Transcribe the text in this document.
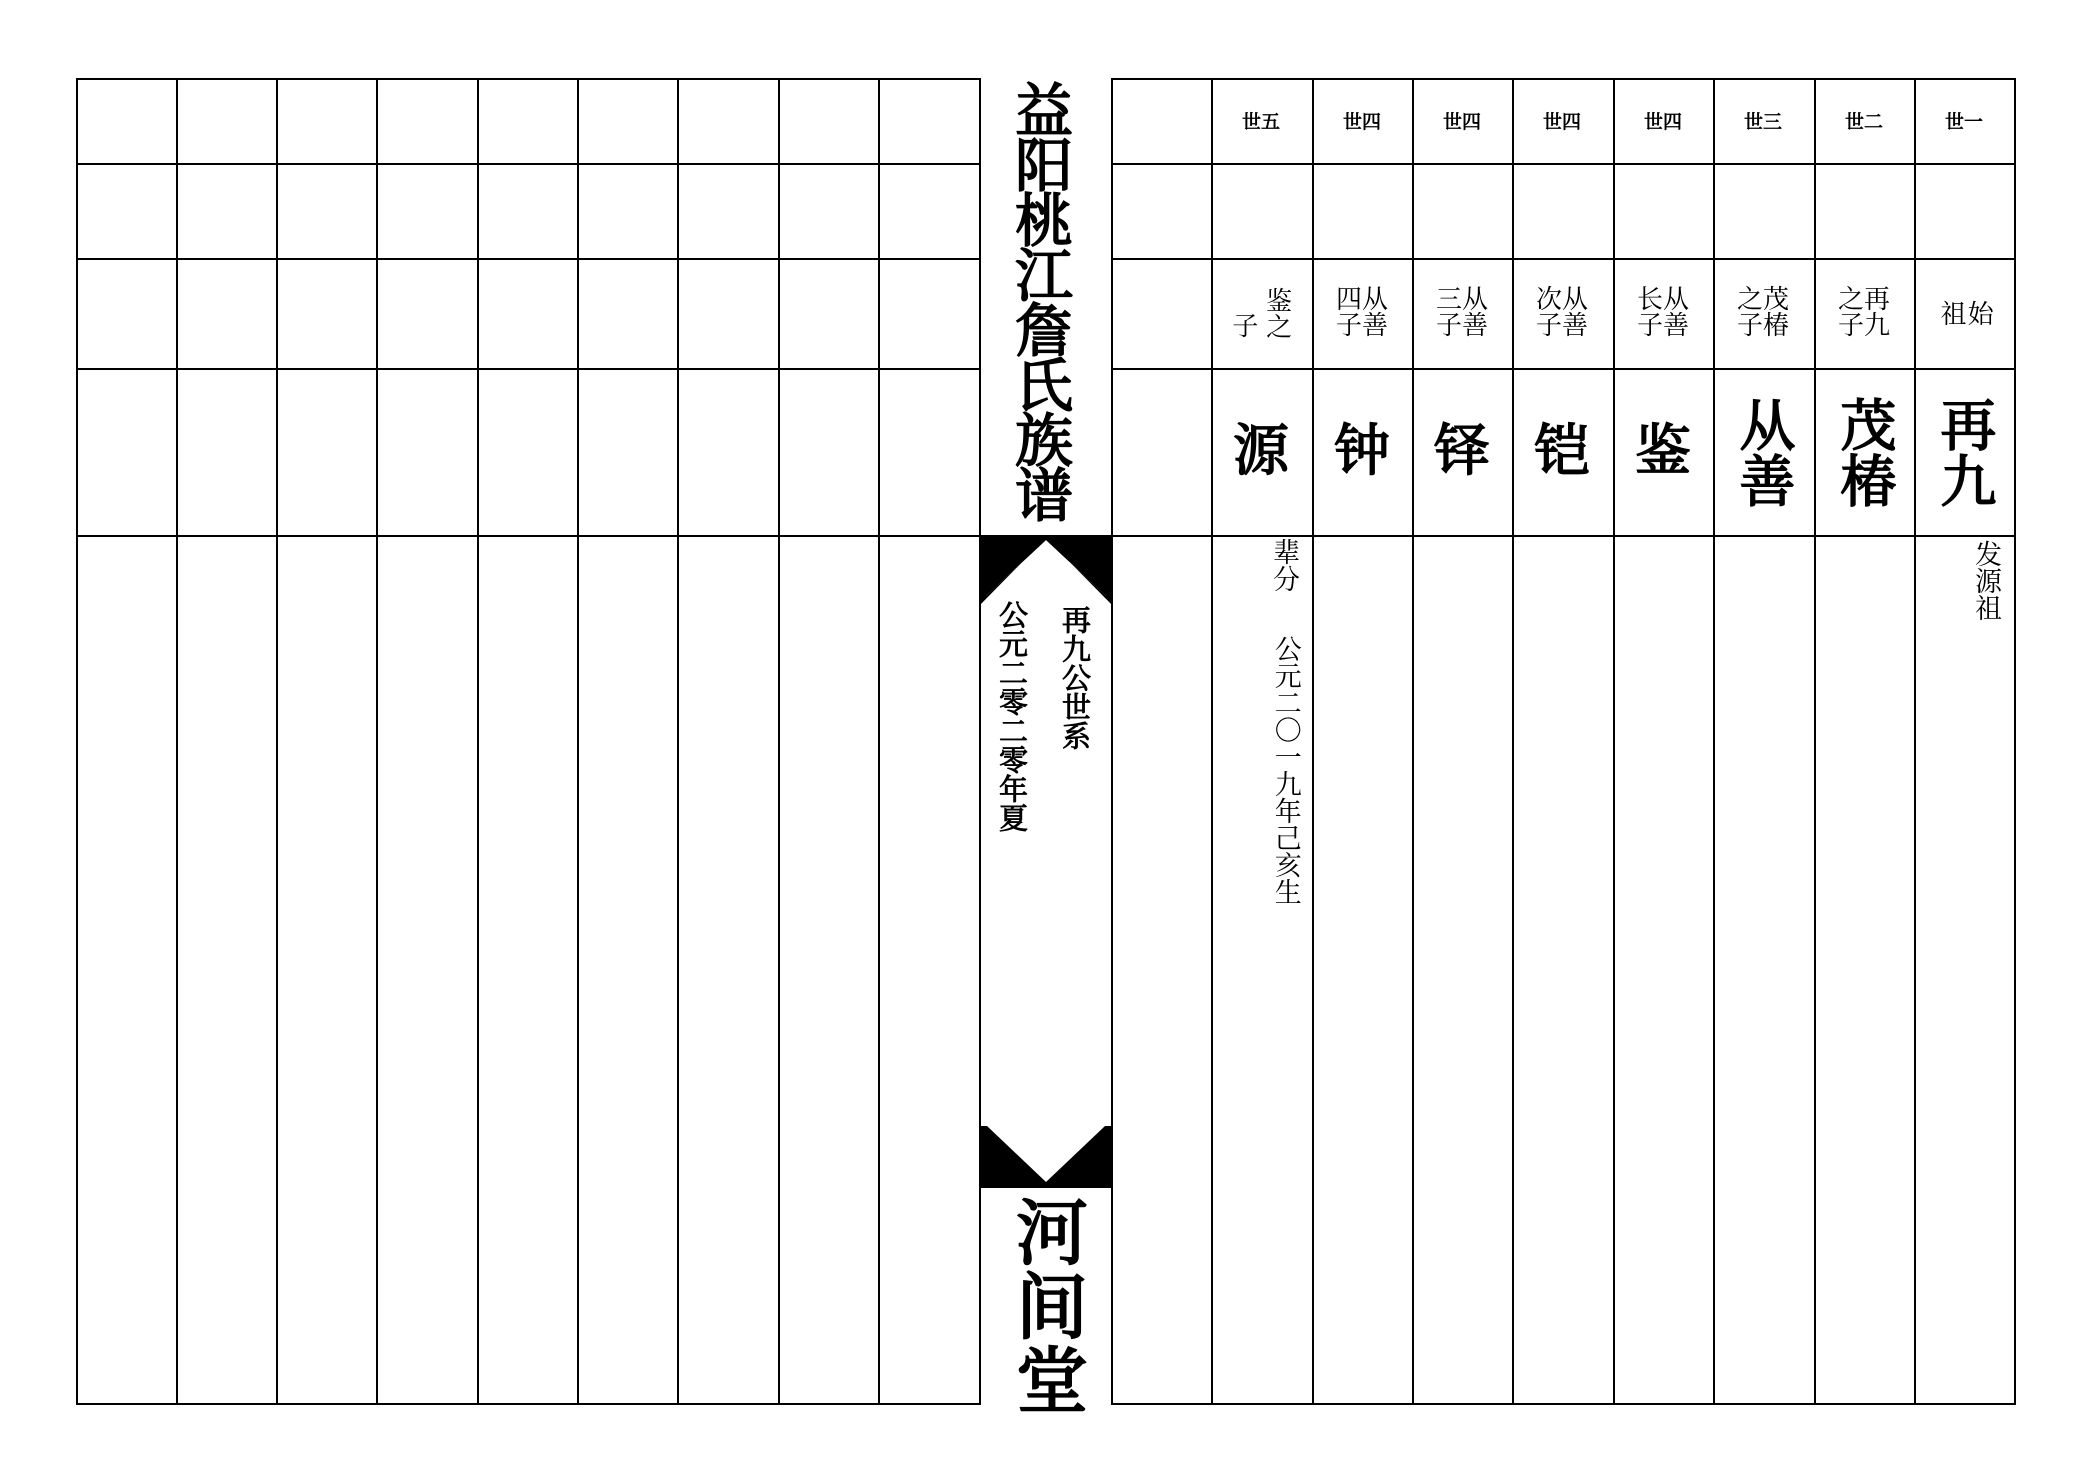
益阳桃江詹氏族谱
再九公世系
公元二零二零年夏
河间堂
世一
始
祖
再九
发源祖
世二
之再
子九
茂椿
世三
之茂
子椿
从善
世四
长从
子善
鉴
世四
次从
子善
铠
世四
三从
子善
铎
世四
四从
子善
钟
世五
子 鉴之
源
辈分
公元二〇一九年己亥生
